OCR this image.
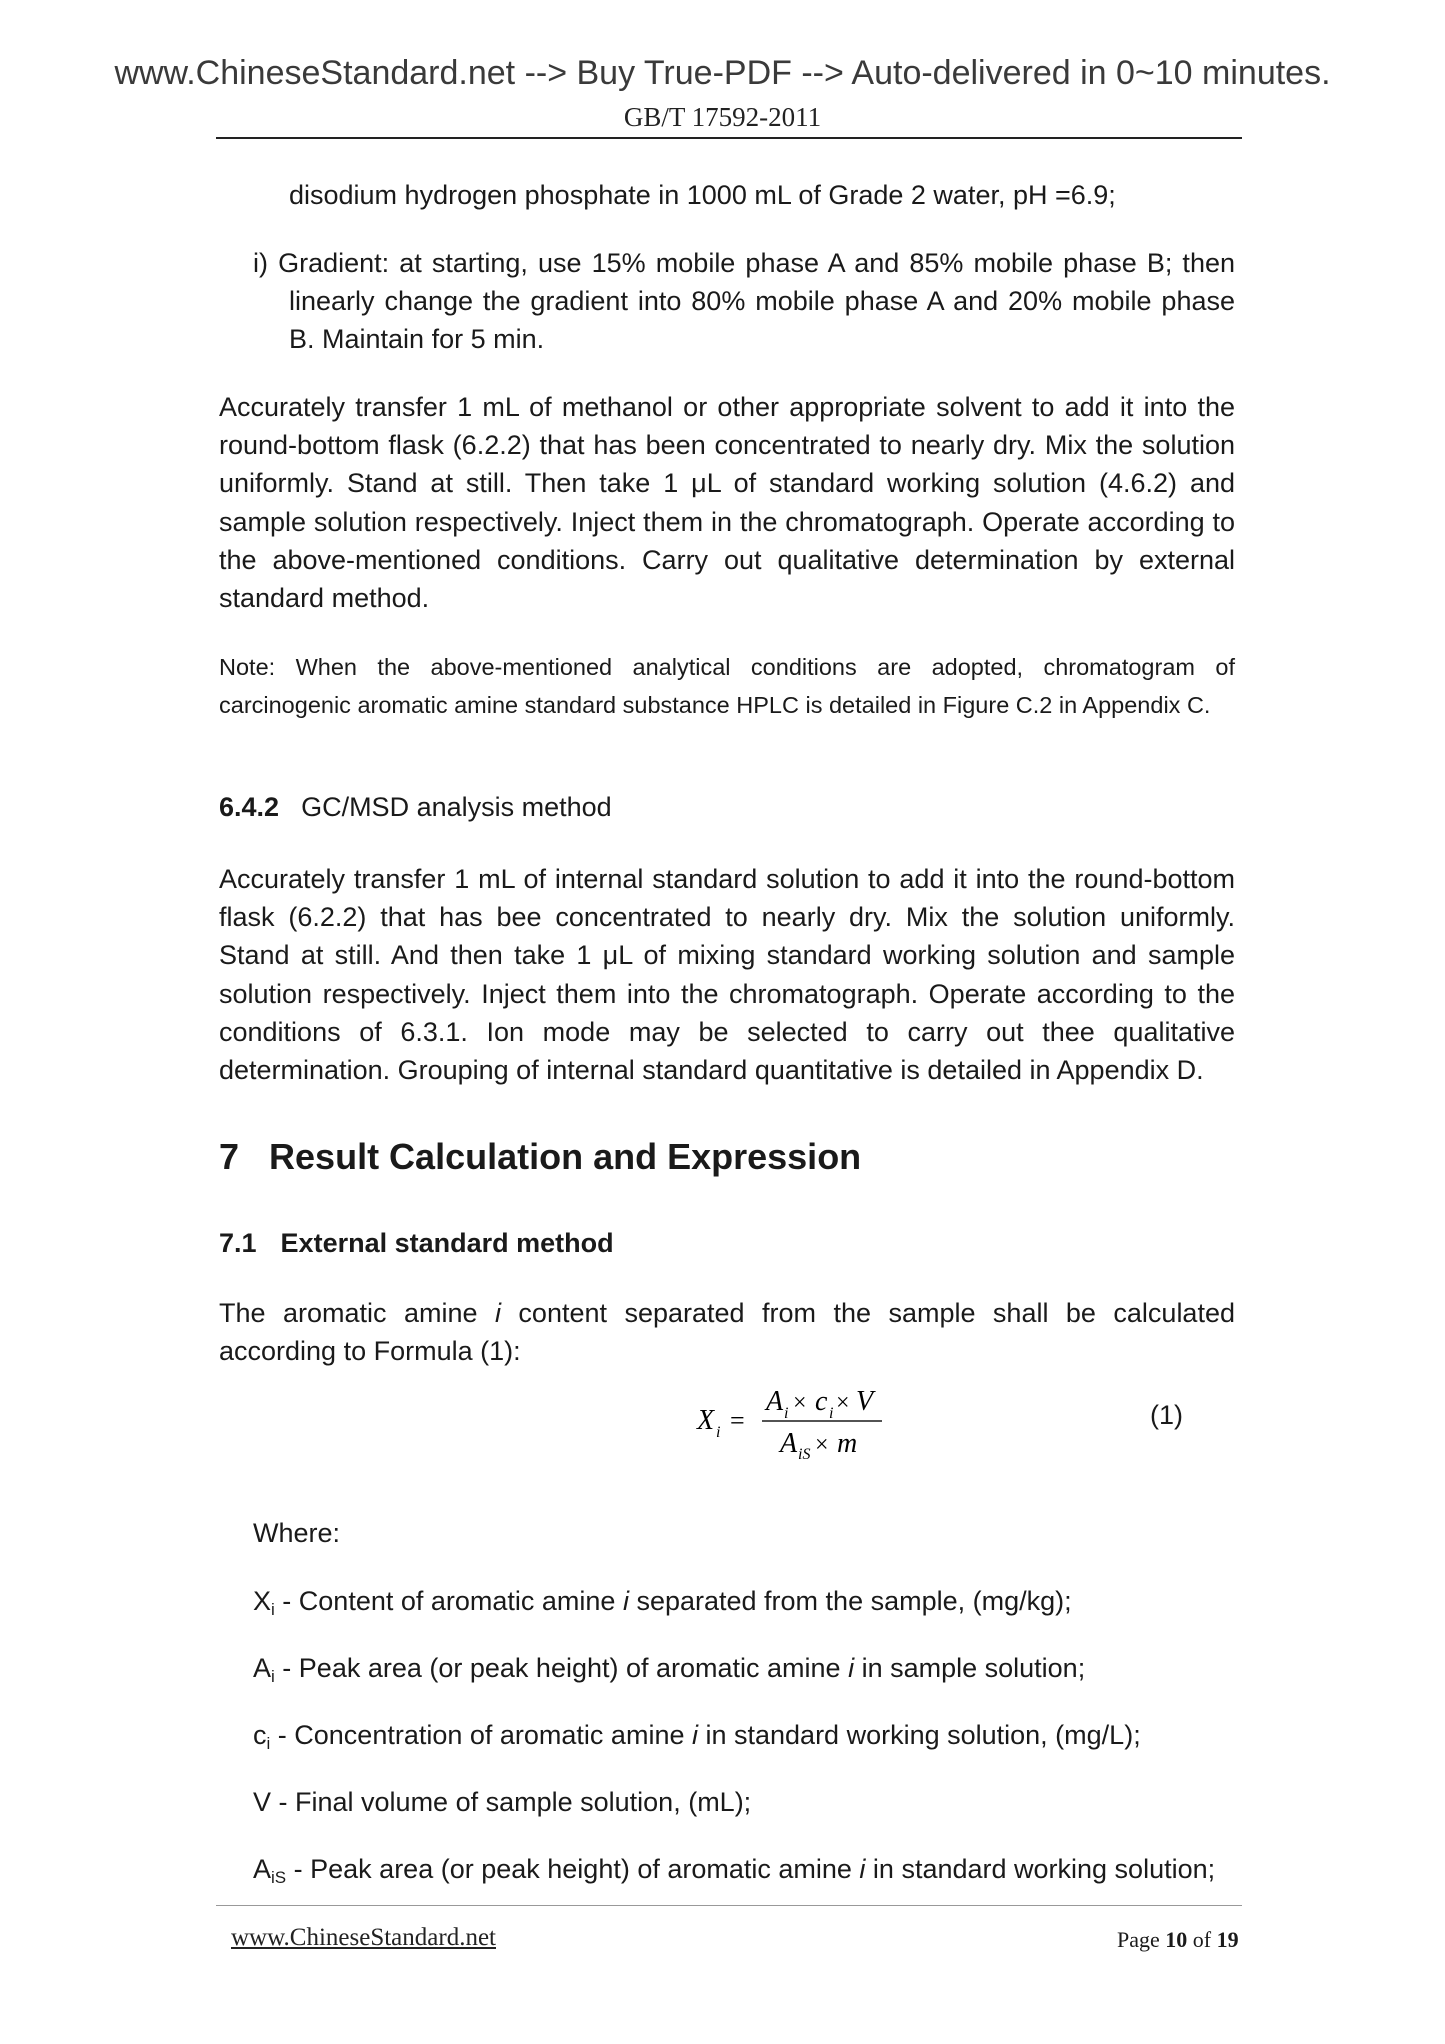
www.ChineseStandard.net --> Buy True-PDF --> Auto-delivered in 0~10 minutes.
GB/T 17592-2011
disodium hydrogen phosphate in 1000 mL of Grade 2 water, pH =6.9;
i) Gradient: at starting, use 15% mobile phase A and 85% mobile phase B; then linearly change the gradient into 80% mobile phase A and 20% mobile phase B. Maintain for 5 min.
Accurately transfer 1 mL of methanol or other appropriate solvent to add it into the round-bottom flask (6.2.2) that has been concentrated to nearly dry. Mix the solution uniformly. Stand at still. Then take 1 μL of standard working solution (4.6.2) and sample solution respectively. Inject them in the chromatograph. Operate according to the above-mentioned conditions. Carry out qualitative determination by external standard method.
Note: When the above-mentioned analytical conditions are adopted, chromatogram of carcinogenic aromatic amine standard substance HPLC is detailed in Figure C.2 in Appendix C.
6.4.2 GC/MSD analysis method
Accurately transfer 1 mL of internal standard solution to add it into the round-bottom flask (6.2.2) that has bee concentrated to nearly dry. Mix the solution uniformly. Stand at still. And then take 1 μL of mixing standard working solution and sample solution respectively. Inject them into the chromatograph. Operate according to the conditions of 6.3.1. Ion mode may be selected to carry out thee qualitative determination. Grouping of internal standard quantitative is detailed in Appendix D.
7 Result Calculation and Expression
7.1 External standard method
The aromatic amine i content separated from the sample shall be calculated according to Formula (1):
X i =
A i × c i × V
A iS × m
(1)
Where:
$X_i$ - Content of aromatic amine i separated from the sample, (mg/kg);
$A_i$ - Peak area (or peak height) of aromatic amine i in sample solution;
$c_i$ - Concentration of aromatic amine i in standard working solution, (mg/L);
V - Final volume of sample solution, (mL);
$A_{iS}$ - Peak area (or peak height) of aromatic amine i in standard working solution;
www.ChineseStandard.net	Page 10 of 19
